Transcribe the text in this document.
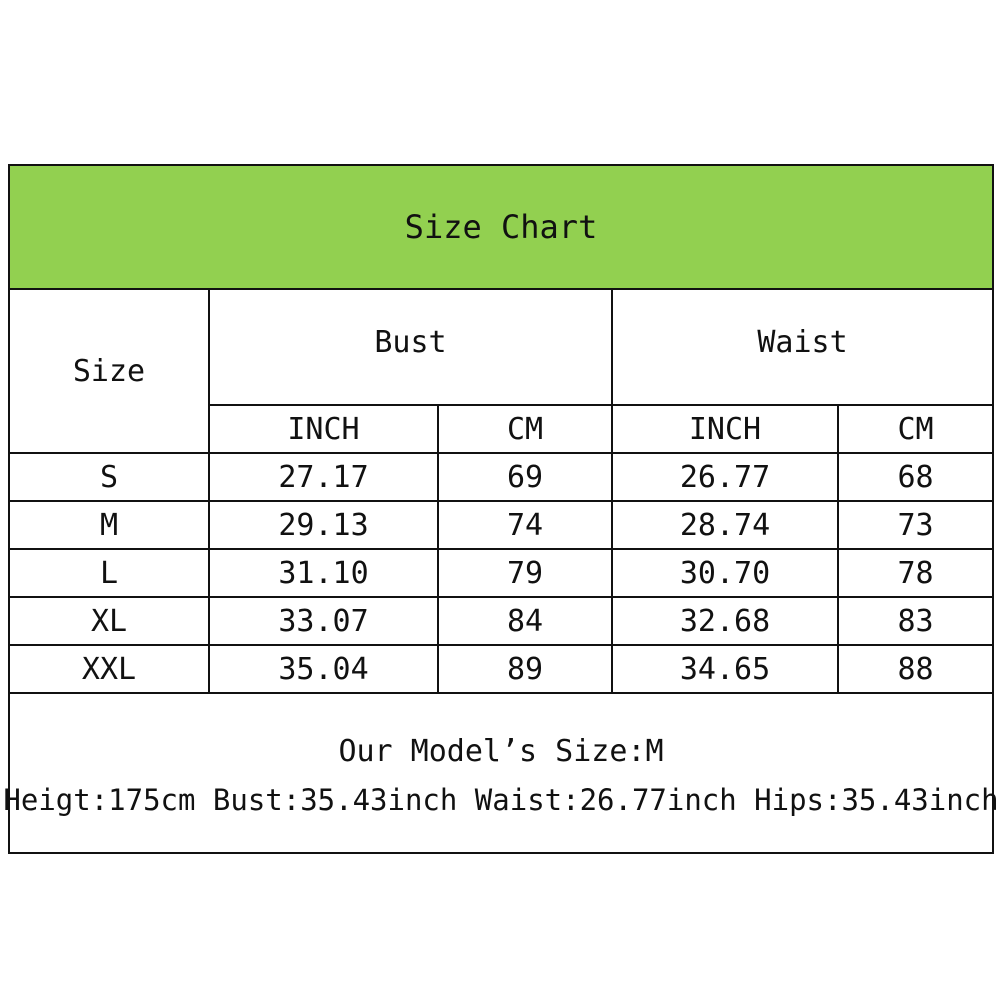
Size Chart
Size	Bust		Waist	
	INCH	CM	INCH	CM
S	27.17	69	26.77	68
M	29.13	74	28.74	73
L	31.10	79	30.70	78
XL	33.07	84	32.68	83
XXL	35.04	89	34.65	88
Our Model’s Size:M
Heigt:175cm Bust:35.43inch Waist:26.77inch Hips:35.43inch
